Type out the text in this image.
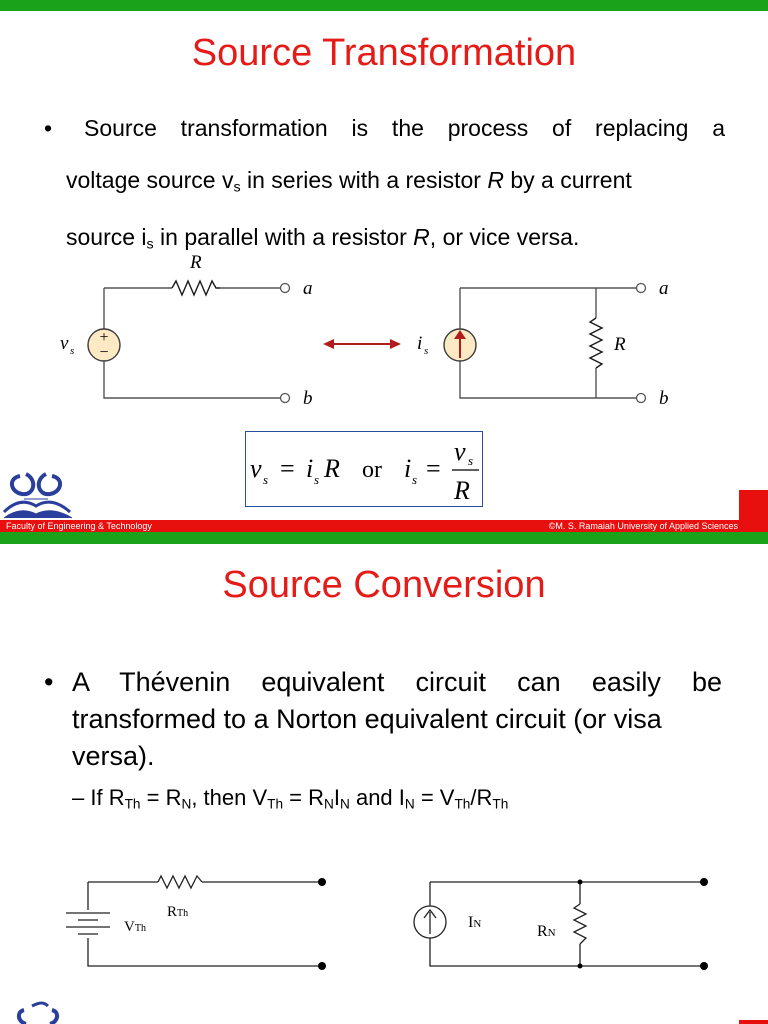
Source Transformation
• Source transformation is the process of replacing a
voltage source $v_s$ in series with a resistor R by a current
source $i_s$ in parallel with a resistor R, or vice versa.
+
−
R
a
b
v s	i s	R
a
b
v s = i s R or i s =
v s
R
Faculty of Engineering & Technology	©M. S. Ramaiah University of Applied Sciences
Source Conversion
• A Thévenin equivalent circuit can easily be
transformed to a Norton equivalent circuit (or visa
versa).
– If $R_{Th} = R_N$, then $V_{Th} = R_NI_N$ and $I_N = V_{Th}/R_{Th}$
RTh
VTh	IN	RN
